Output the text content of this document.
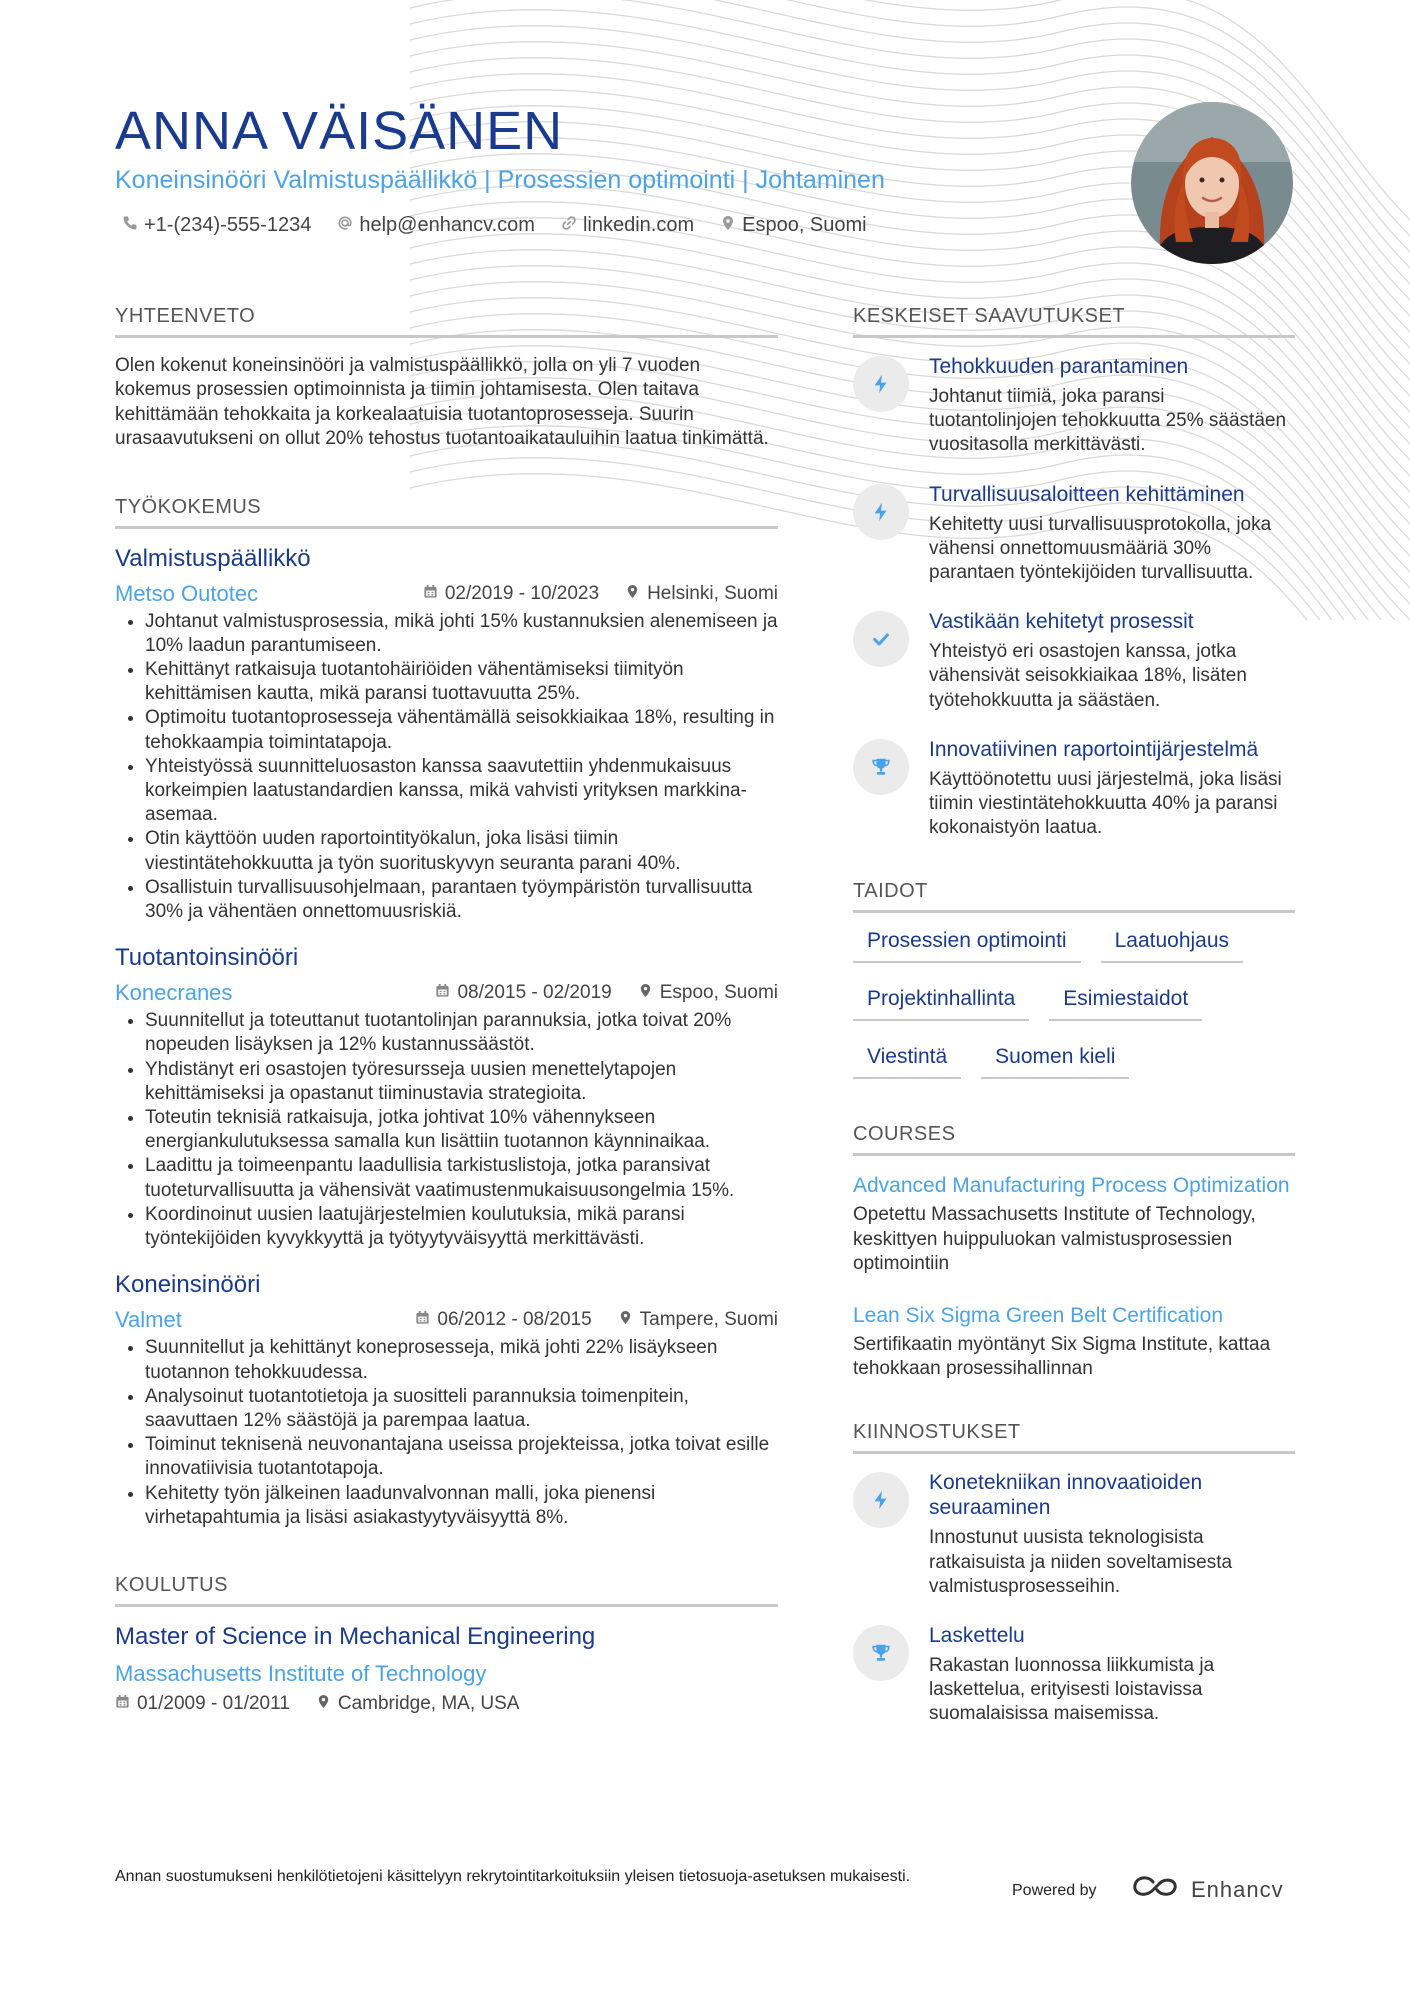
ANNA VÄISÄNEN
Koneinsinööri Valmistuspäällikkö | Prosessien optimointi | Johtaminen
+1-(234)-555-1234 help@enhancv.com linkedin.com Espoo, Suomi
YHTEENVETO

Olen kokenut koneinsinööri ja valmistuspäällikkö, jolla on yli 7 vuoden kokemus prosessien optimoinnista ja tiimin johtamisesta. Olen taitava kehittämään tehokkaita ja korkealaatuisia tuotantoprosesseja. Suurin urasaavutukseni on ollut 20% tehostus tuotantoaikatauluihin laatua tinkimättä.

TYÖKOKEMUS
Valmistuspäällikkö
Metso Outotec	02/2019 - 10/2023	Helsinki, Suomi
• Johtanut valmistusprosessia, mikä johti 15% kustannuksien alenemiseen ja 10% laadun parantumiseen.
• Kehittänyt ratkaisuja tuotantohäiriöiden vähentämiseksi tiimityön kehittämisen kautta, mikä paransi tuottavuutta 25%.
• Optimoitu tuotantoprosesseja vähentämällä seisokkiaikaa 18%, resulting in tehokkaampia toimintatapoja.
• Yhteistyössä suunnitteluosaston kanssa saavutettiin yhdenmukaisuus korkeimpien laatustandardien kanssa, mikä vahvisti yrityksen markkina-asemaa.
• Otin käyttöön uuden raportointityökalun, joka lisäsi tiimin viestintätehokkuutta ja työn suorituskyvyn seuranta parani 40%.
• Osallistuin turvallisuusohjelmaan, parantaen työympäristön turvallisuutta 30% ja vähentäen onnettomuusriskiä.
Tuotantoinsinööri
Konecranes	08/2015 - 02/2019	Espoo, Suomi
• Suunnitellut ja toteuttanut tuotantolinjan parannuksia, jotka toivat 20% nopeuden lisäyksen ja 12% kustannussäästöt.
• Yhdistänyt eri osastojen työresursseja uusien menettelytapojen kehittämiseksi ja opastanut tiiminustavia strategioita.
• Toteutin teknisiä ratkaisuja, jotka johtivat 10% vähennykseen energiankulutuksessa samalla kun lisättiin tuotannon käynninaikaa.
• Laadittu ja toimeenpantu laadullisia tarkistuslistoja, jotka paransivat tuoteturvallisuutta ja vähensivät vaatimustenmukaisuusongelmia 15%.
• Koordinoinut uusien laatujärjestelmien koulutuksia, mikä paransi työntekijöiden kyvykkyyttä ja työtyytyväisyyttä merkittävästi.
Koneinsinööri
Valmet	06/2012 - 08/2015	Tampere, Suomi
• Suunnitellut ja kehittänyt koneprosesseja, mikä johti 22% lisäykseen tuotannon tehokkuudessa.
• Analysoinut tuotantotietoja ja suositteli parannuksia toimenpitein, saavuttaen 12% säästöjä ja parempaa laatua.
• Toiminut teknisenä neuvonantajana useissa projekteissa, jotka toivat esille innovatiivisia tuotantotapoja.
• Kehitetty työn jälkeinen laadunvalvonnan malli, joka pienensi virhetapahtumia ja lisäsi asiakastyytyväisyyttä 8%.
KOULUTUS
Master of Science in Mechanical Engineering
Massachusetts Institute of Technology
01/2009 - 01/2011	Cambridge, MA, USA
KESKEISET SAAVUTUKSET
Tehokkuuden parantaminen

Johtanut tiimiä, joka paransi tuotantolinjojen tehokkuutta 25% säästäen vuositasolla merkittävästi.

Turvallisuusaloitteen kehittäminen

Kehitetty uusi turvallisuusprotokolla, joka vähensi onnettomuusmääriä 30% parantaen työntekijöiden turvallisuutta.

Vastikään kehitetyt prosessit

Yhteistyö eri osastojen kanssa, jotka vähensivät seisokkiaikaa 18%, lisäten työtehokkuutta ja säästäen.

Innovatiivinen raportointijärjestelmä

Käyttöönotettu uusi järjestelmä, joka lisäsi tiimin viestintätehokkuutta 40% ja paransi kokonaistyön laatua.

TAIDOT
Prosessien optimointi	Laatuohjaus
Projektinhallinta	Esimiestaidot
Viestintä	Suomen kieli
COURSES
Advanced Manufacturing Process Optimization

Opetettu Massachusetts Institute of Technology, keskittyen huippuluokan valmistusprosessien optimointiin

Lean Six Sigma Green Belt Certification

Sertifikaatin myöntänyt Six Sigma Institute, kattaa tehokkaan prosessihallinnan

KIINNOSTUKSET
Konetekniikan innovaatioiden seuraaminen

Innostunut uusista teknologisista ratkaisuista ja niiden soveltamisesta valmistusprosesseihin.

Laskettelu

Rakastan luonnossa liikkumista ja laskettelua, erityisesti loistavissa suomalaisissa maisemissa.

Annan suostumukseni henkilötietojeni käsittelyyn rekrytointitarkoituksiin yleisen tietosuoja-asetuksen mukaisesti.
Powered by	Enhancv
